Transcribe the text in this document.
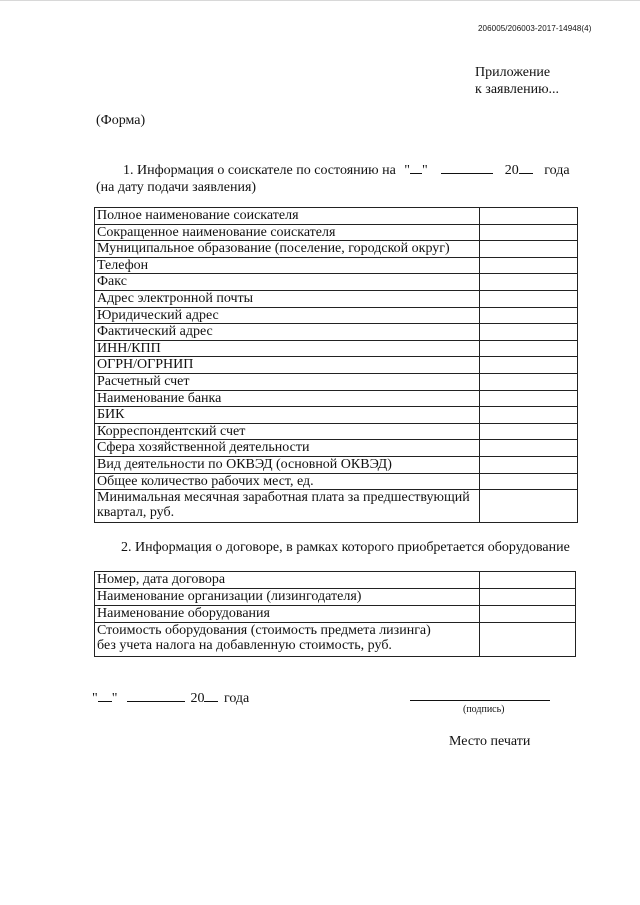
206005/206003-2017-14948(4)
Приложение
к заявлению...
(Форма)
1. Информация о соискателе по состоянию на " "	20 года
(на дату подачи заявления)
Полное наименование соискателя	
Сокращенное наименование соискателя	
Муниципальное образование (поселение, городской округ)	
Телефон	
Факс	
Адрес электронной почты	
Юридический адрес	
Фактический адрес	
ИНН/КПП	
ОГРН/ОГРНИП	
Расчетный счет	
Наименование банка	
БИК	
Корреспондентский счет	
Сфера хозяйственной деятельности	
Вид деятельности по ОКВЭД (основной ОКВЭД)	
Общее количество рабочих мест, ед.	

Минимальная месячная заработная плата за предшествующий
квартал, руб.	

2. Информация о договоре, в рамках которого приобретается оборудование
Номер, дата договора	
Наименование организации (лизингодателя)	
Наименование оборудования	

Стоимость оборудования (стоимость предмета лизинга)
без учета налога на добавленную стоимость, руб.	

" "	20 года
(подпись)
Место печати
